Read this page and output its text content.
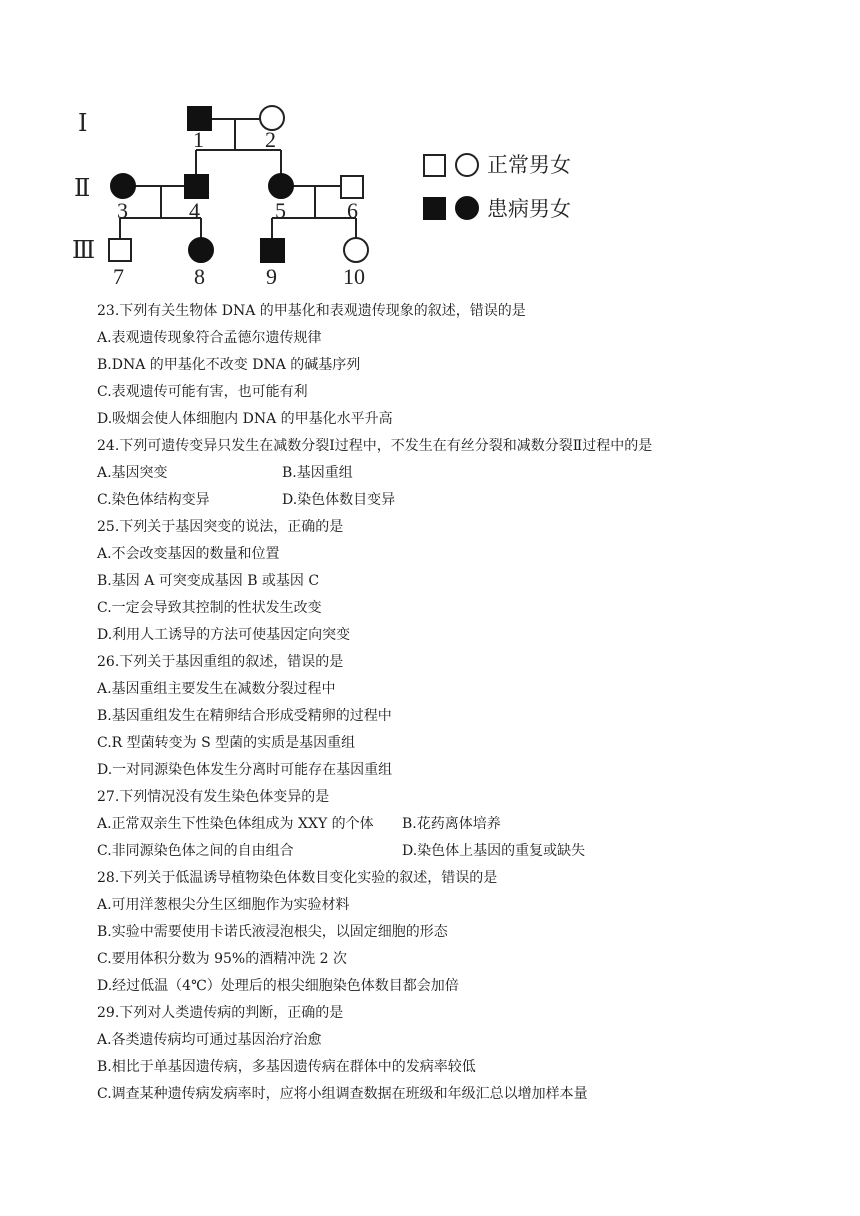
Ⅰ
Ⅱ
Ⅲ
1	2
3	4	5	6
7	8	9	10
正常男女
患病男女
23.下列有关生物体 DNA 的甲基化和表观遗传现象的叙述，错误的是
A.表观遗传现象符合孟德尔遗传规律
B.DNA 的甲基化不改变 DNA 的碱基序列
C.表观遗传可能有害，也可能有利
D.吸烟会使人体细胞内 DNA 的甲基化水平升高
24.下列可遗传变异只发生在减数分裂Ⅰ过程中，不发生在有丝分裂和减数分裂Ⅱ过程中的是
A.基因突变	B.基因重组
C.染色体结构变异	D.染色体数目变异
25.下列关于基因突变的说法，正确的是
A.不会改变基因的数量和位置
B.基因 A 可突变成基因 B 或基因 C
C.一定会导致其控制的性状发生改变
D.利用人工诱导的方法可使基因定向突变
26.下列关于基因重组的叙述，错误的是
A.基因重组主要发生在减数分裂过程中
B.基因重组发生在精卵结合形成受精卵的过程中
C.R 型菌转变为 S 型菌的实质是基因重组
D.一对同源染色体发生分离时可能存在基因重组
27.下列情况没有发生染色体变异的是
A.正常双亲生下性染色体组成为 XXY 的个体 B.花药离体培养
C.非同源染色体之间的自由组合	D.染色体上基因的重复或缺失
28.下列关于低温诱导植物染色体数目变化实验的叙述，错误的是
A.可用洋葱根尖分生区细胞作为实验材料
B.实验中需要使用卡诺氏液浸泡根尖，以固定细胞的形态
C.要用体积分数为 95%的酒精冲洗 2 次
D.经过低温（4℃）处理后的根尖细胞染色体数目都会加倍
29.下列对人类遗传病的判断，正确的是
A.各类遗传病均可通过基因治疗治愈
B.相比于单基因遗传病，多基因遗传病在群体中的发病率较低
C.调查某种遗传病发病率时，应将小组调查数据在班级和年级汇总以增加样本量
